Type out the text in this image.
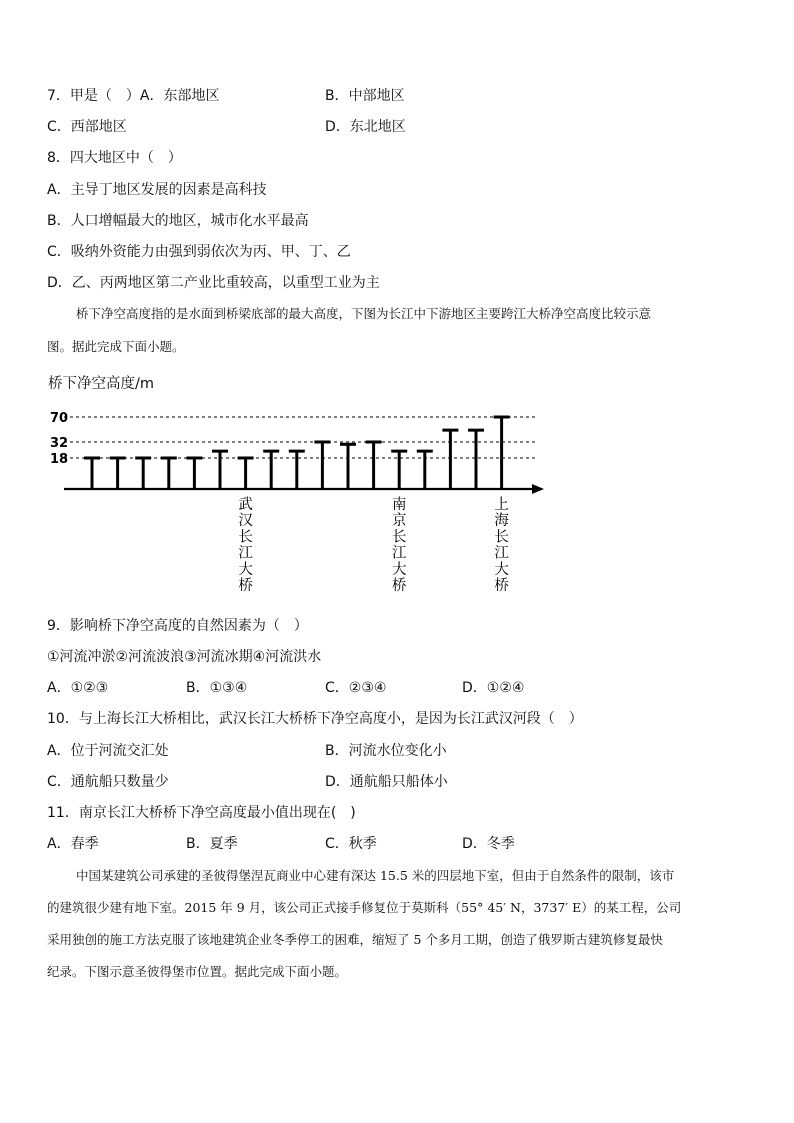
7．甲是（　）A．东部地区	B．中部地区
C．西部地区	D．东北地区
8．四大地区中（　）
A．主导丁地区发展的因素是高科技
B．人口增幅最大的地区，城市化水平最高
C．吸纳外资能力由强到弱依次为丙、甲、丁、乙
D．乙、丙两地区第二产业比重较高，以重型工业为主
桥下净空高度指的是水面到桥梁底部的最大高度，下图为长江中下游地区主要跨江大桥净空高度比较示意
图。据此完成下面小题。
桥下净空高度/m
18
32
70
武汉长江大桥
南京长江大桥
上海长江大桥
9．影响桥下净空高度的自然因素为（　）
①河流冲淤②河流波浪③河流冰期④河流洪水
A．①②③	B．①③④	C．②③④	D．①②④
10．与上海长江大桥相比，武汉长江大桥桥下净空高度小，是因为长江武汉河段（　）
A．位于河流交汇处	B．河流水位变化小
C．通航船只数量少	D．通航船只船体小
11．南京长江大桥桥下净空高度最小值出现在(　)
A．春季	B．夏季	C．秋季	D．冬季
中国某建筑公司承建的圣彼得堡涅瓦商业中心建有深达 15.5 米的四层地下室，但由于自然条件的限制，该市
的建筑很少建有地下室。2015 年 9 月，该公司正式接手修复位于莫斯科（55° 45′ N，3737′ E）的某工程，公司
采用独创的施工方法克服了该地建筑企业冬季停工的困难，缩短了 5 个多月工期，创造了俄罗斯古建筑修复最快
纪录。下图示意圣彼得堡市位置。据此完成下面小题。
